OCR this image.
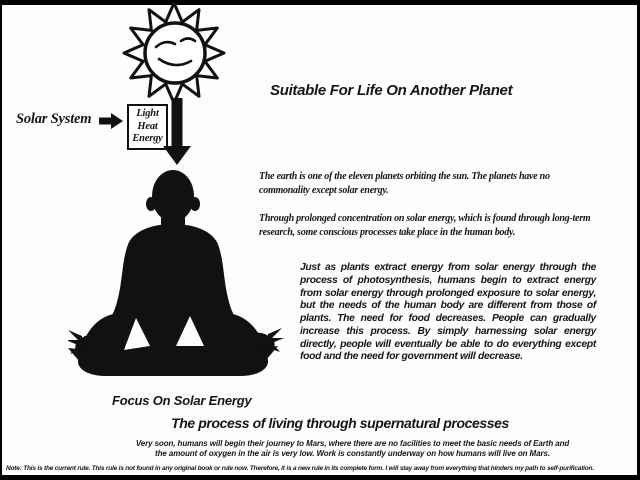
Solar System	Light
Heat
Energy
Suitable For Life On Another Planet
The earth is one of the eleven planets orbiting the sun. The planets have no commonality except solar energy.
Through prolonged concentration on solar energy, which is found through long-term research, some conscious processes take place in the human body.
Just as plants extract energy from solar energy through the process of photosynthesis, humans begin to extract energy from solar energy through prolonged exposure to solar energy, but the needs of the human body are different from those of plants. The need for food decreases. People can gradually increase this process. By simply harnessing solar energy directly, people will eventually be able to do everything except food and the need for government will decrease.
Focus On Solar Energy
The process of living through supernatural processes
Very soon, humans will begin their journey to Mars, where there are no facilities to meet the basic needs of Earth and the amount of oxygen in the air is very low. Work is constantly underway on how humans will live on Mars.
Note: This is the current rule. This rule is not found in any original book or rule now. Therefore, it is a new rule in its complete form. I will stay away from everything that hinders my path to self-purification.
